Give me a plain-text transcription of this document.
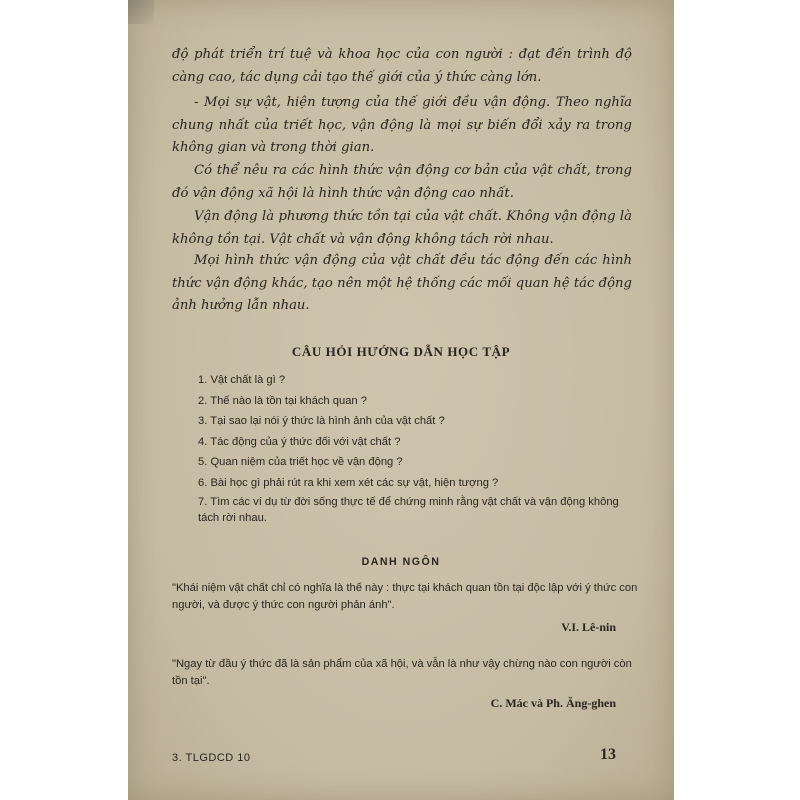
độ phát triển trí tuệ và khoa học của con người : đạt đến trình độ càng cao, tác dụng cải tạo thế giới của ý thức càng lớn.

- Mọi sự vật, hiện tượng của thế giới đều vận động. Theo nghĩa chung nhất của triết học, vận động là mọi sự biến đổi xảy ra trong không gian và trong thời gian.

Có thể nêu ra các hình thức vận động cơ bản của vật chất, trong đó vận động xã hội là hình thức vận động cao nhất.

Vận động là phương thức tồn tại của vật chất. Không vận động là không tồn tại. Vật chất và vận động không tách rời nhau.

Mọi hình thức vận động của vật chất đều tác động đến các hình thức vận động khác, tạo nên một hệ thống các mối quan hệ tác động ảnh hưởng lẫn nhau.

CÂU HỎI HƯỚNG DẪN HỌC TẬP
1. Vật chất là gì ?
2. Thế nào là tồn tại khách quan ?
3. Tại sao lại nói ý thức là hình ảnh của vật chất ?
4. Tác động của ý thức đối với vật chất ?
5. Quan niệm của triết học về vận động ?
6. Bài học gì phải rút ra khi xem xét các sự vật, hiện tượng ?
7. Tìm các ví dụ từ đời sống thực tế để chứng minh rằng vật chất và vận động không tách rời nhau.
DANH NGÔN

"Khái niệm vật chất chỉ có nghĩa là thế này : thực tại khách quan tồn tại độc lập với ý thức con người, và được ý thức con người phản ánh".

V.I. Lê-nin

"Ngay từ đầu ý thức đã là sản phẩm của xã hội, và vẫn là như vậy chừng nào con người còn tồn tại".

C. Mác và Ph. Ăng-ghen

3. TLGDCD 10	13
